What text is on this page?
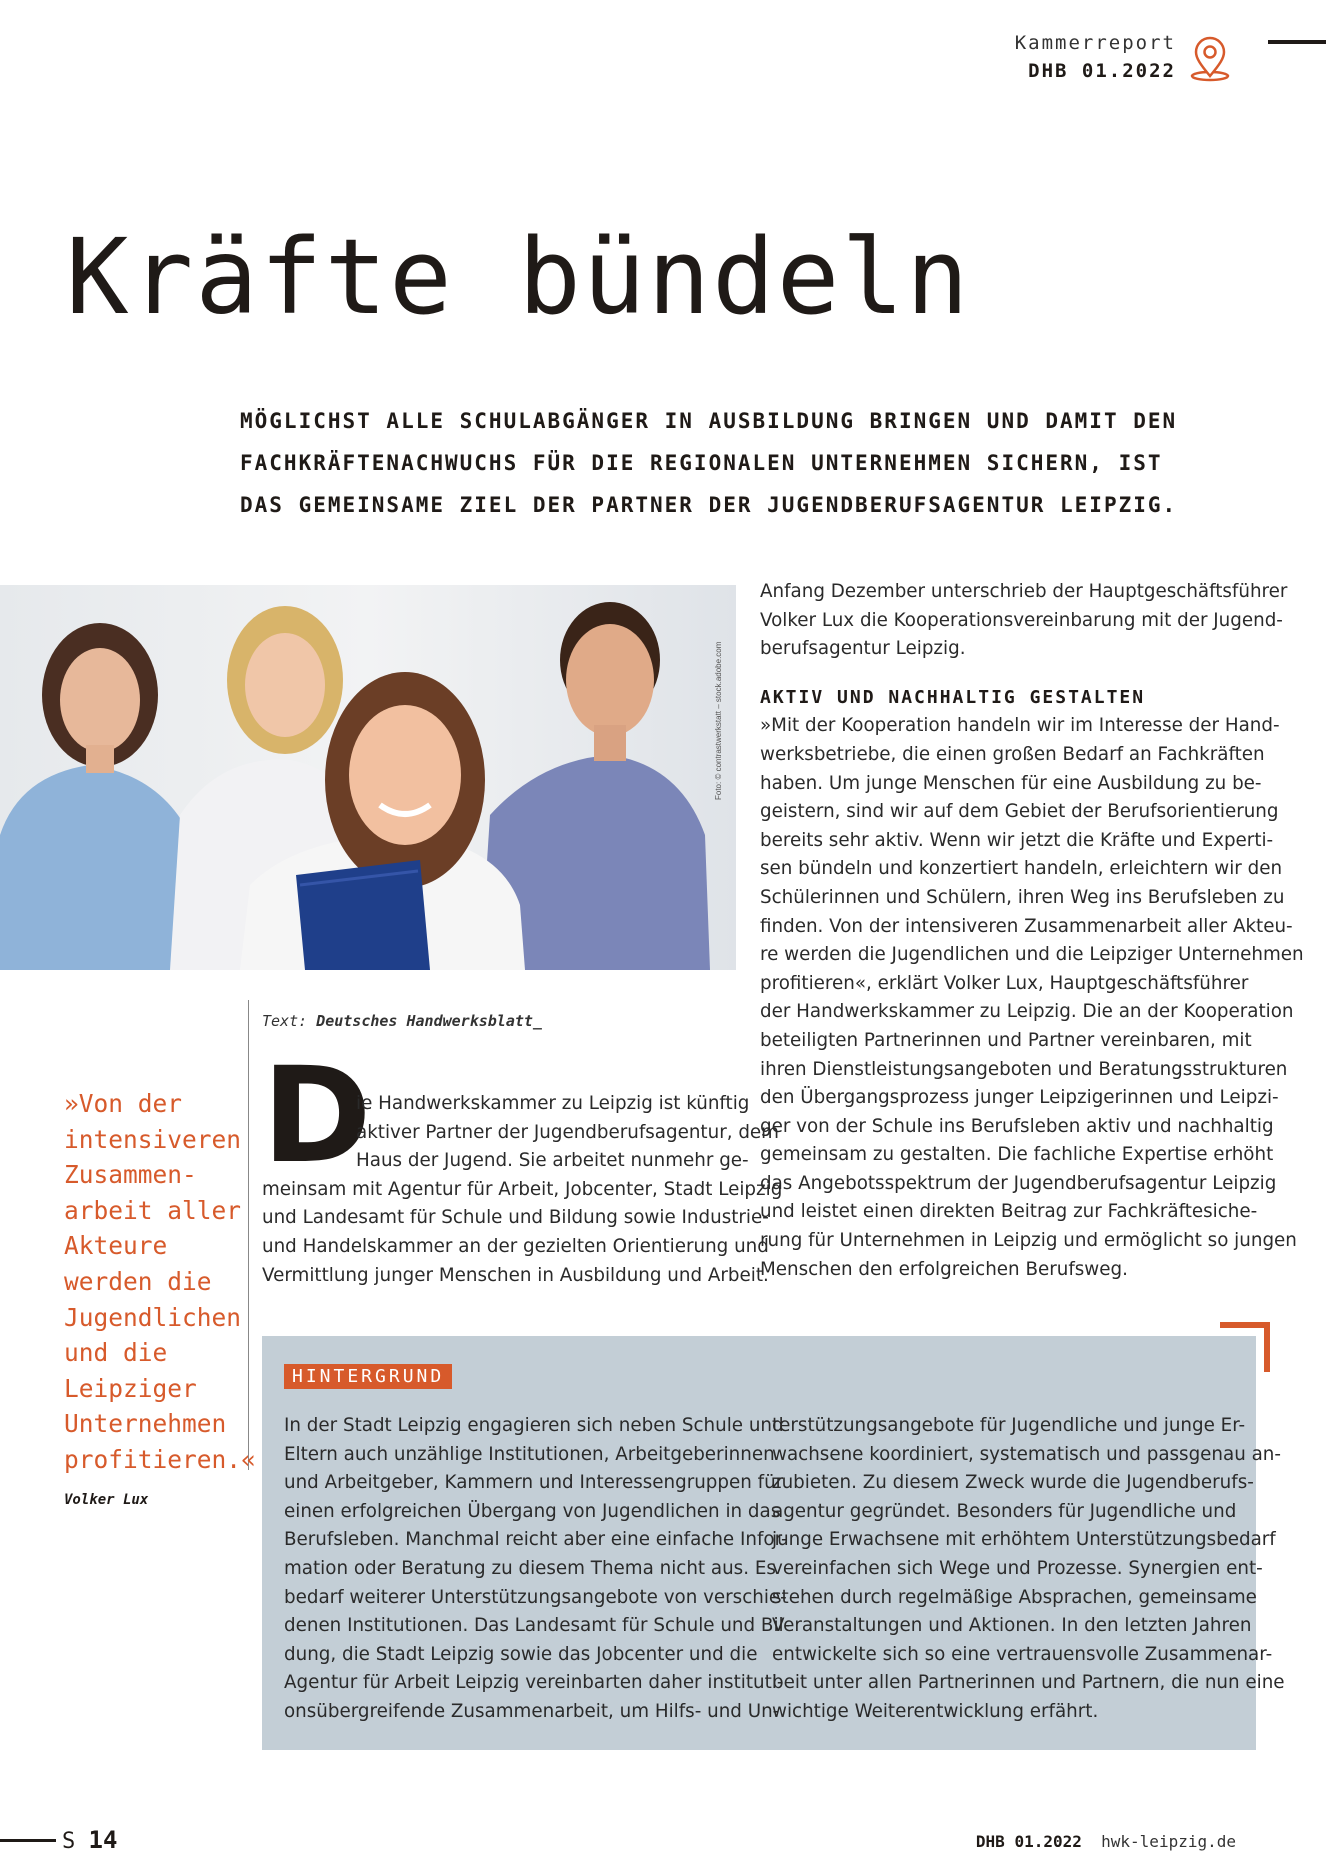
Kammerreport
DHB 01.2022
Kräfte bündeln
MÖGLICHST ALLE SCHULABGÄNGER IN AUSBILDUNG BRINGEN UND DAMIT DEN
FACHKRÄFTENACHWUCHS FÜR DIE REGIONALEN UNTERNEHMEN SICHERN, IST
DAS GEMEINSAME ZIEL DER PARTNER DER JUGENDBERUFSAGENTUR LEIPZIG.
Foto: © contrastwerkstatt – stock.adobe.com
Text: Deutsches Handwerksblatt_
D
ie Handwerkskammer zu Leipzig ist künftig
aktiver Partner der Jugendberufsagentur, dem
Haus der Jugend. Sie arbeitet nunmehr ge-
meinsam mit Agentur für Arbeit, Jobcenter, Stadt Leipzig
und Landesamt für Schule und Bildung sowie Industrie-
und Handelskammer an der gezielten Orientierung und
Vermittlung junger Menschen in Ausbildung und Arbeit.
Anfang Dezember unterschrieb der Hauptgeschäftsführer
Volker Lux die Kooperationsvereinbarung mit der Jugend-
berufsagentur Leipzig.
AKTIV UND NACHHALTIG GESTALTEN
»Mit der Kooperation handeln wir im Interesse der Hand-
werksbetriebe, die einen großen Bedarf an Fachkräften
haben. Um junge Menschen für eine Ausbildung zu be-
geistern, sind wir auf dem Gebiet der Berufsorientierung
bereits sehr aktiv. Wenn wir jetzt die Kräfte und Experti-
sen bündeln und konzertiert handeln, erleichtern wir den
Schülerinnen und Schülern, ihren Weg ins Berufsleben zu
finden. Von der intensiveren Zusammenarbeit aller Akteu-
re werden die Jugendlichen und die Leipziger Unternehmen
profitieren«, erklärt Volker Lux, Hauptgeschäftsführer
der Handwerkskammer zu Leipzig. Die an der Kooperation
beteiligten Partnerinnen und Partner vereinbaren, mit
ihren Dienstleistungsangeboten und Beratungsstrukturen
den Übergangsprozess junger Leipzigerinnen und Leipzi-
ger von der Schule ins Berufsleben aktiv und nachhaltig
gemeinsam zu gestalten. Die fachliche Expertise erhöht
das Angebotsspektrum der Jugendberufsagentur Leipzig
und leistet einen direkten Beitrag zur Fachkräftesiche-
rung für Unternehmen in Leipzig und ermöglicht so jungen
Menschen den erfolgreichen Berufsweg.
»Von der
intensiveren
Zusammen-
arbeit aller
Akteure
werden die
Jugendlichen
und die
Leipziger
Unternehmen
profitieren.«
Volker Lux
HINTERGRUND
In der Stadt Leipzig engagieren sich neben Schule und
Eltern auch unzählige Institutionen, Arbeitgeberinnen
und Arbeitgeber, Kammern und Interessengruppen für
einen erfolgreichen Übergang von Jugendlichen in das
Berufsleben. Manchmal reicht aber eine einfache Infor-
mation oder Beratung zu diesem Thema nicht aus. Es
bedarf weiterer Unterstützungsangebote von verschie-
denen Institutionen. Das Landesamt für Schule und Bil-
dung, die Stadt Leipzig sowie das Jobcenter und die
Agentur für Arbeit Leipzig vereinbarten daher instituti-
onsübergreifende Zusammenarbeit, um Hilfs- und Un-
terstützungsangebote für Jugendliche und junge Er-
wachsene koordiniert, systematisch und passgenau an-
zubieten. Zu diesem Zweck wurde die Jugendberufs-
agentur gegründet. Besonders für Jugendliche und
junge Erwachsene mit erhöhtem Unterstützungsbedarf
vereinfachen sich Wege und Prozesse. Synergien ent-
stehen durch regelmäßige Absprachen, gemeinsame
Veranstaltungen und Aktionen. In den letzten Jahren
entwickelte sich so eine vertrauensvolle Zusammenar-
beit unter allen Partnerinnen und Partnern, die nun eine
wichtige Weiterentwicklung erfährt.
S 14	DHB 01.2022 hwk-leipzig.de
